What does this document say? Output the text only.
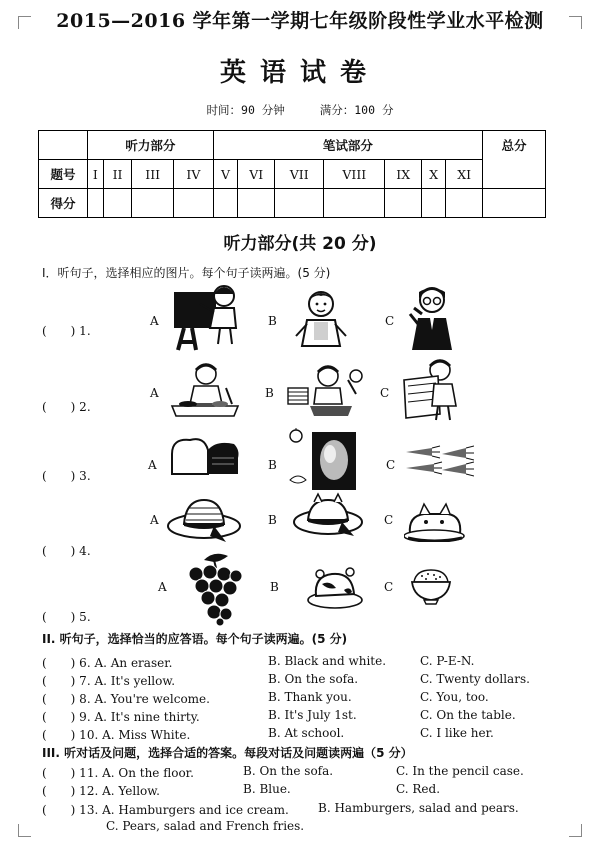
2015—2016 学年第一学期七年级阶段性学业水平检测
英语试卷
时间：90 分钟	满分：100 分
	听力部分				笔试部分							总分
题号	I	II	III	IV	V	VI	VII	VIII	IX	X	XI	
得分												
听力部分(共 20 分)
I．听句子，选择相应的图片。每个句子读两遍。(5 分)
(　　) 1.
A	B	C
(　　) 2.
A	B	C
(　　) 3.
A	B	C
(　　) 4.
A	B	C
(　　) 5.
A	B	C
II. 听句子，选择恰当的应答语。每个句子读两遍。(5 分)
(　　) 6. A. An eraser.	B. Black and white.	C. P-E-N.
(　　) 7. A. It's yellow.	B. On the sofa.	C. Twenty dollars.
(　　) 8. A. You're welcome.	B. Thank you.	C. You, too.
(　　) 9. A. It's nine thirty.	B. It's July 1st.	C. On the table.
(　　) 10. A. Miss White.	B. At school.	C. I like her.
III. 听对话及问题，选择合适的答案。每段对话及问题读两遍（5 分）
(　　) 11. A. On the floor.	B. On the sofa.	C. In the pencil case.
(　　) 12. A. Yellow.	B. Blue.	C. Red.
(　　) 13. A. Hamburgers and ice cream. B. Hamburgers, salad and pears.
C. Pears, salad and French fries.
